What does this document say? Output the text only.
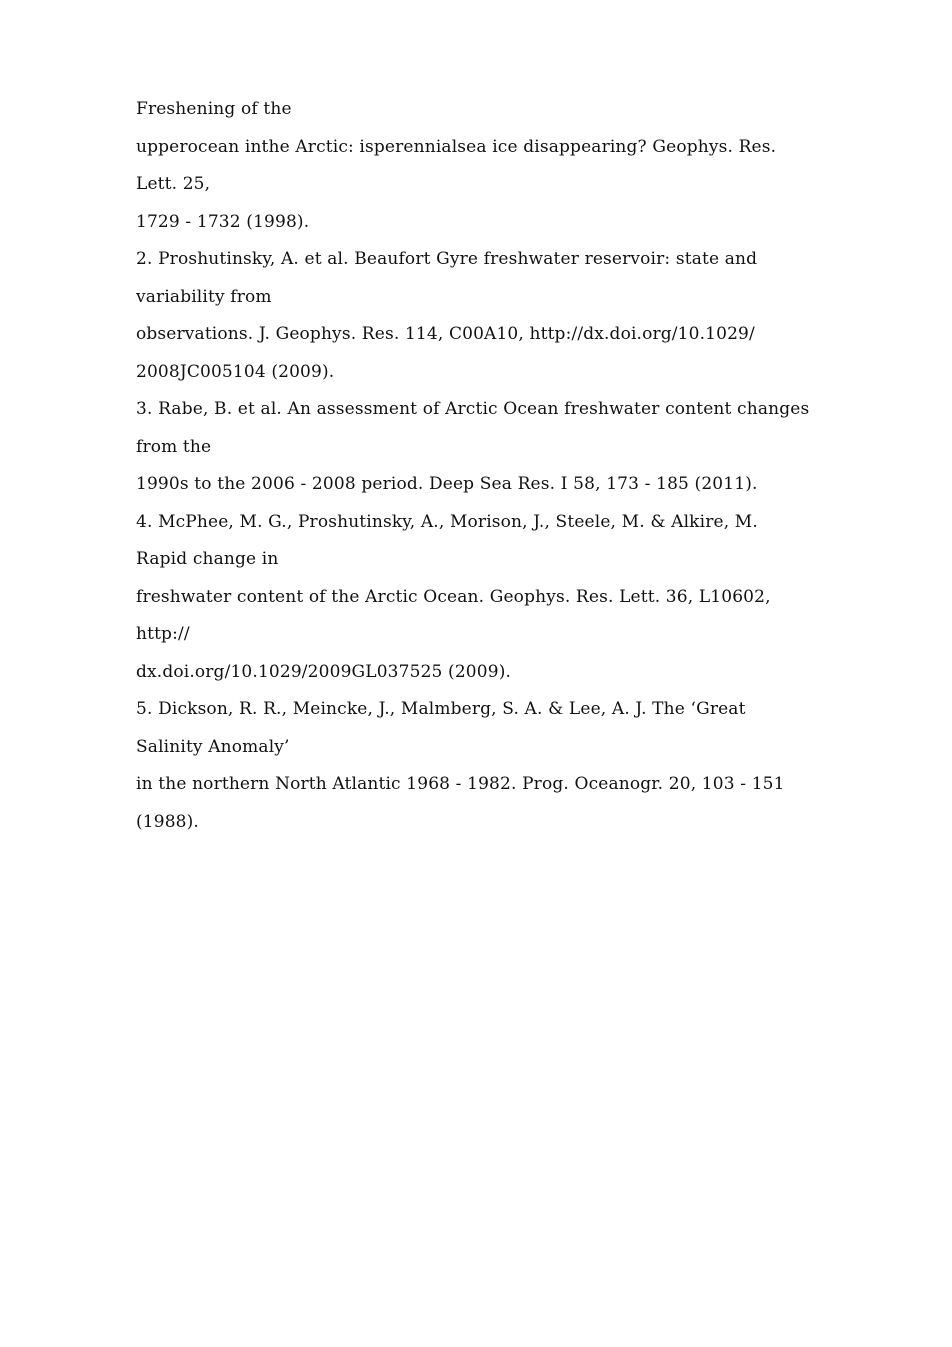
Freshening of the
upperocean inthe Arctic: isperennialsea ice disappearing? Geophys. Res.
Lett. 25,
1729 - 1732 (1998).
2. Proshutinsky, A. et al. Beaufort Gyre freshwater reservoir: state and
variability from
observations. J. Geophys. Res. 114, C00A10, http://dx.doi.org/10.1029/
2008JC005104 (2009).
3. Rabe, B. et al. An assessment of Arctic Ocean freshwater content changes
from the
1990s to the 2006 - 2008 period. Deep Sea Res. I 58, 173 - 185 (2011).
4. McPhee, M. G., Proshutinsky, A., Morison, J., Steele, M. & Alkire, M.
Rapid change in
freshwater content of the Arctic Ocean. Geophys. Res. Lett. 36, L10602,
http://
dx.doi.org/10.1029/2009GL037525 (2009).
5. Dickson, R. R., Meincke, J., Malmberg, S. A. & Lee, A. J. The ‘Great
Salinity Anomaly’
in the northern North Atlantic 1968 - 1982. Prog. Oceanogr. 20, 103 - 151
(1988).
